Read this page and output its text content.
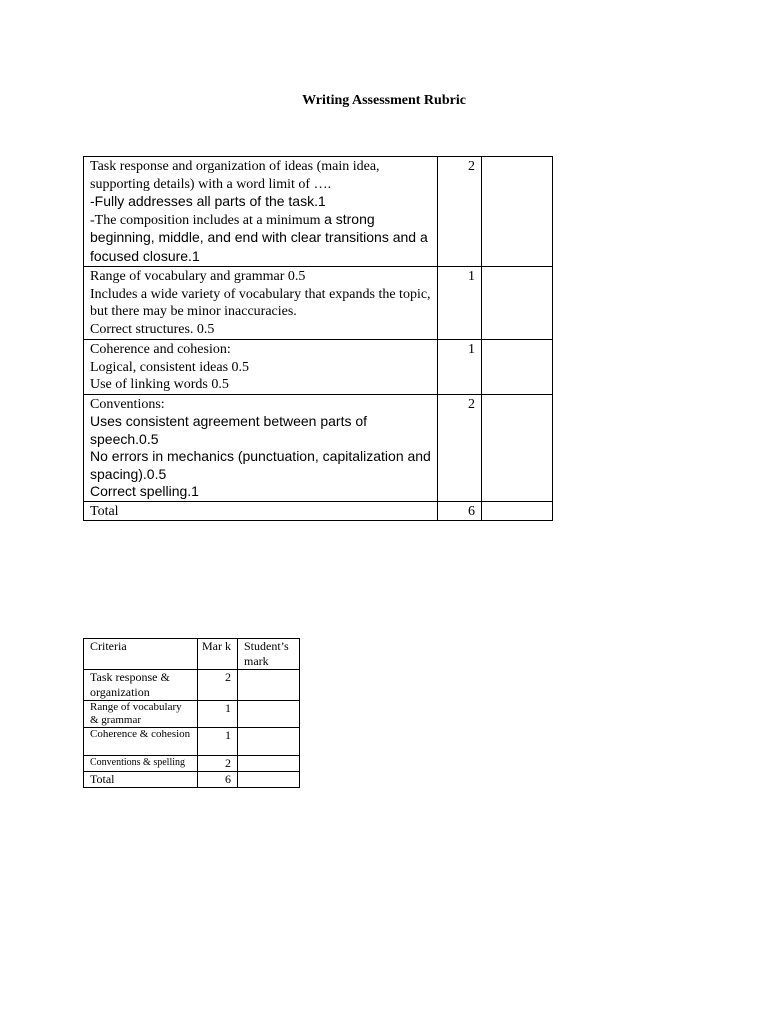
Writing Assessment Rubric
Task response and organization of ideas (main idea, supporting details) with a word limit of ….
-Fully addresses all parts of the task.1
-The composition includes at a minimum a strong beginning, middle, and end with clear transitions and a focused closure.1	2	

Range of vocabulary and grammar 0.5
Includes a wide variety of vocabulary that expands the topic, but there may be minor inaccuracies.
Correct structures. 0.5	1	

Coherence and cohesion:
Logical, consistent ideas 0.5
Use of linking words 0.5	1	

Conventions:
Uses consistent agreement between parts of speech.0.5
No errors in mechanics (punctuation, capitalization and spacing).0.5
Correct spelling.1	2	
Total	6	
Criteria	Mar k	Student’s mark
Task response & organization	2	
Range of vocabulary & grammar	1	
Coherence & cohesion	1	
Conventions & spelling	2	
Total	6	
